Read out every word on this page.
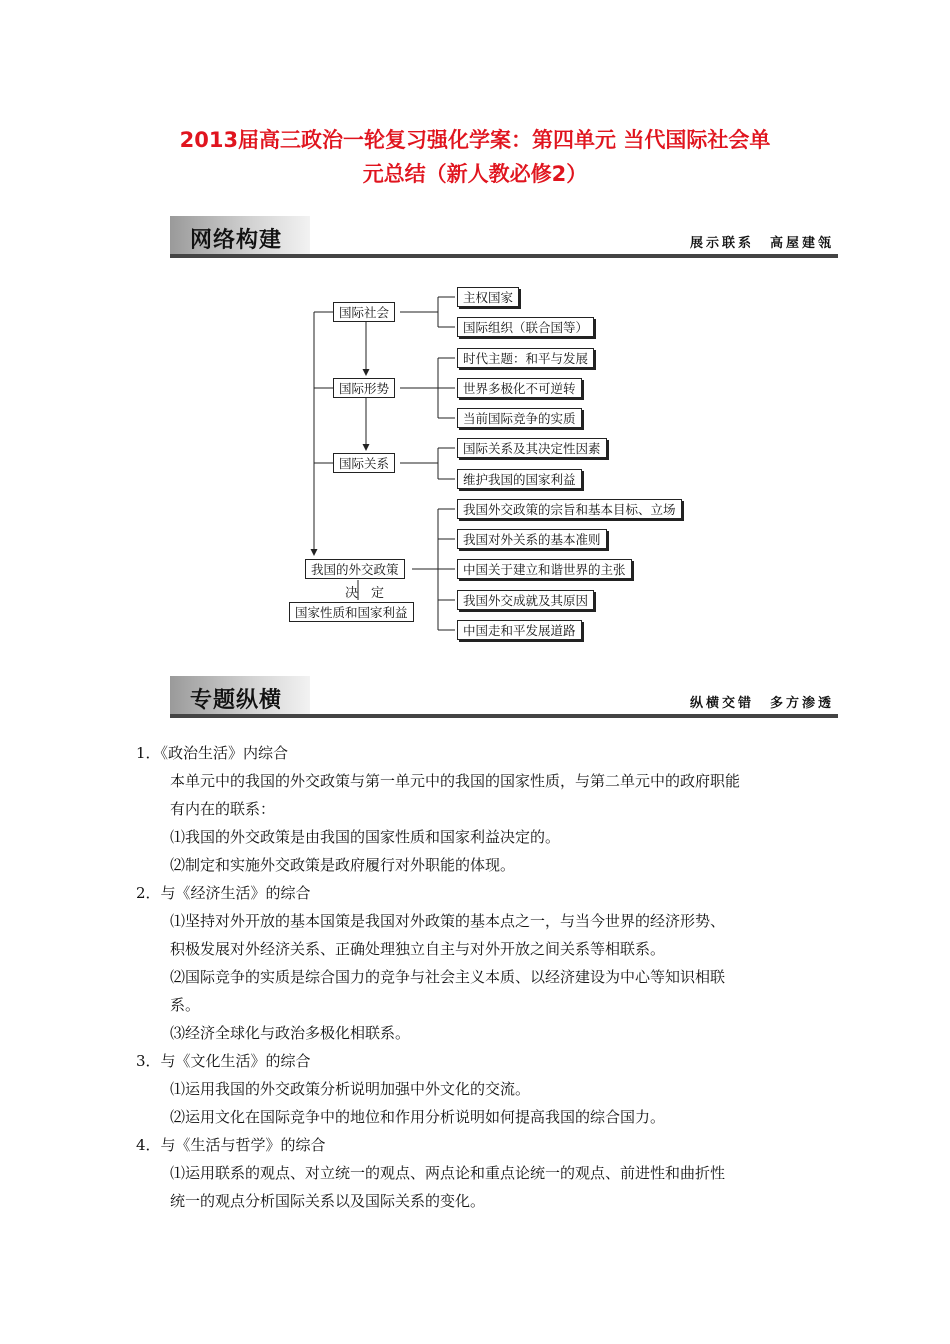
2013届高三政治一轮复习强化学案：第四单元 当代国际社会单
元总结（新人教必修2）
网络构建	展示联系　高屋建瓴
国际社会
国际形势
国际关系
我国的外交政策
决　定
国家性质和国家利益
主权国家
国际组织（联合国等）
时代主题：和平与发展
世界多极化不可逆转
当前国际竞争的实质
国际关系及其决定性因素
维护我国的国家利益
我国外交政策的宗旨和基本目标、立场
我国对外关系的基本准则
中国关于建立和谐世界的主张
我国外交成就及其原因
中国走和平发展道路
专题纵横	纵横交错　多方渗透
1．《政治生活》内综合
本单元中的我国的外交政策与第一单元中的我国的国家性质，与第二单元中的政府职能
有内在的联系：
⑴我国的外交政策是由我国的国家性质和国家利益决定的。
⑵制定和实施外交政策是政府履行对外职能的体现。
2．与《经济生活》的综合
⑴坚持对外开放的基本国策是我国对外政策的基本点之一，与当今世界的经济形势、
积极发展对外经济关系、正确处理独立自主与对外开放之间关系等相联系。
⑵国际竞争的实质是综合国力的竞争与社会主义本质、以经济建设为中心等知识相联
系。
⑶经济全球化与政治多极化相联系。
3．与《文化生活》的综合
⑴运用我国的外交政策分析说明加强中外文化的交流。
⑵运用文化在国际竞争中的地位和作用分析说明如何提高我国的综合国力。
4．与《生活与哲学》的综合
⑴运用联系的观点、对立统一的观点、两点论和重点论统一的观点、前进性和曲折性
统一的观点分析国际关系以及国际关系的变化。
